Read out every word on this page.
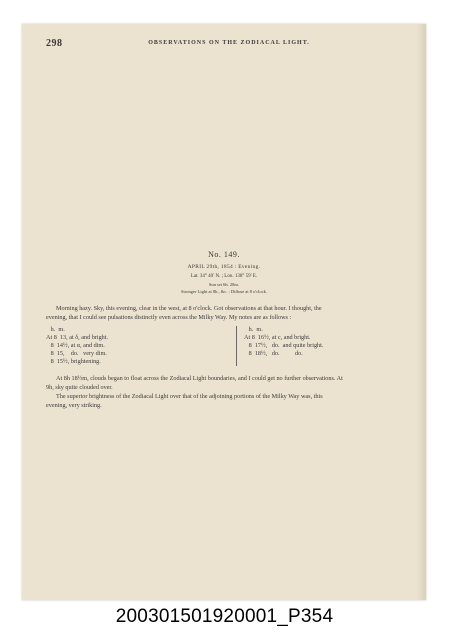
298	OBSERVATIONS ON THE ZODIACAL LIGHT.
No. 149.
APRIL 29th, 1854 : Evening.
Lat. 34° 40′ N. ; Lon. 138° 59′ E.
Sun set 6h. 28m.
Stronger Light at 8h., &c. : Diffuse at 8 o'clock.
Morning hazy. Sky, this evening, clear in the west, at 8 o'clock. Got observations at that hour. I thought, the
evening, that I could see pulsations distinctly even across the Milky Way. My notes are as follows :
h.  m.
At 8  13, at δ, and bright.
8  14½, at α, and dim.
8  15,    do.   very dim.
8  15½, brightening.
h.  m.
At 8  16½, at c, and bright.
8  17½,   do.  and quite bright.
8  18½,   do.          do.
At 8h 18½m, clouds began to float across the Zodiacal Light boundaries, and I could get no further observations. At
9h, sky quite clouded over.
The superior brightness of the Zodiacal Light over that of the adjoining portions of the Milky Way was, this
evening, very striking.
200301501920001_P354
